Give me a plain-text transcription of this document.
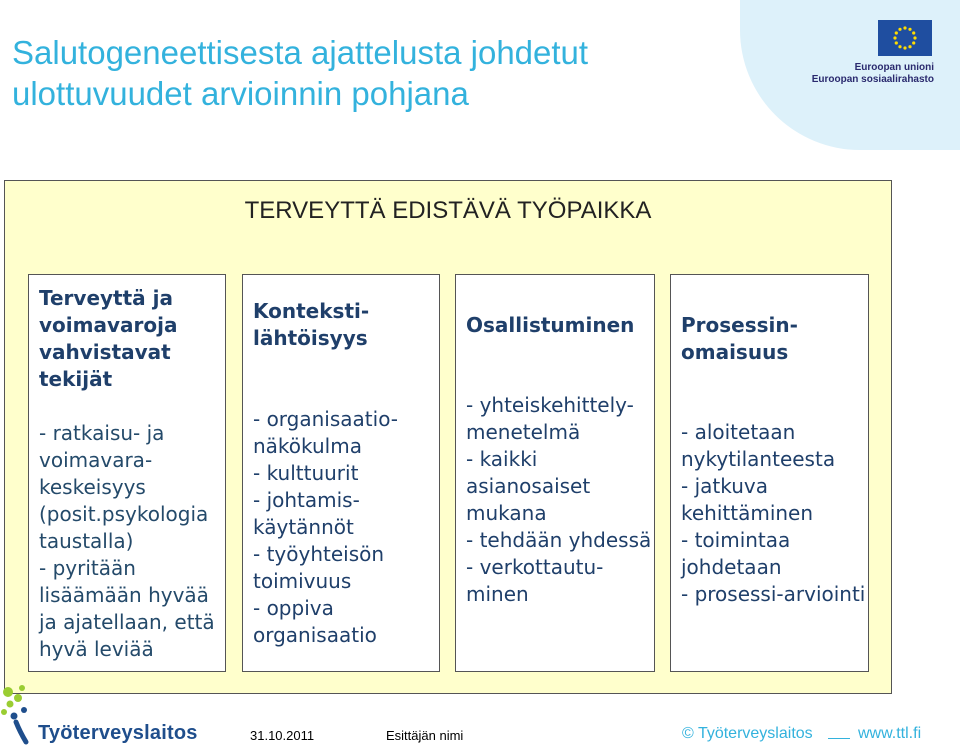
Salutogeneettisesta ajattelusta johdetut ulottuvuudet arvioinnin pohjana
Euroopan unioni
Euroopan sosiaalirahasto
TERVEYTTÄ EDISTÄVÄ TYÖPAIKKA

Terveyttä ja voimavaroja vahvistavat tekijät

- ratkaisu- ja voimavara-keskeisyys (posit.psykologia taustalla)
- pyritään lisäämään hyvää ja ajatellaan, että hyvä leviää

Konteksti-lähtöisyys

- organisaatio-näkökulma
- kulttuurit
- johtamis-käytännöt
- työyhteisön toimivuus
- oppiva organisaatio

Osallistuminen

- yhteiskehittely-menetelmä
- kaikki asianosaiset mukana
- tehdään yhdessä
- verkottautu-minen

Prosessin-omaisuus

- aloitetaan nykytilanteesta
- jatkuva kehittäminen
- toimintaa johdetaan
- prosessi-arviointi

Työterveyslaitos	31.10.2011	Esittäjän nimi	© Työterveyslaitos	www.ttl.fi
